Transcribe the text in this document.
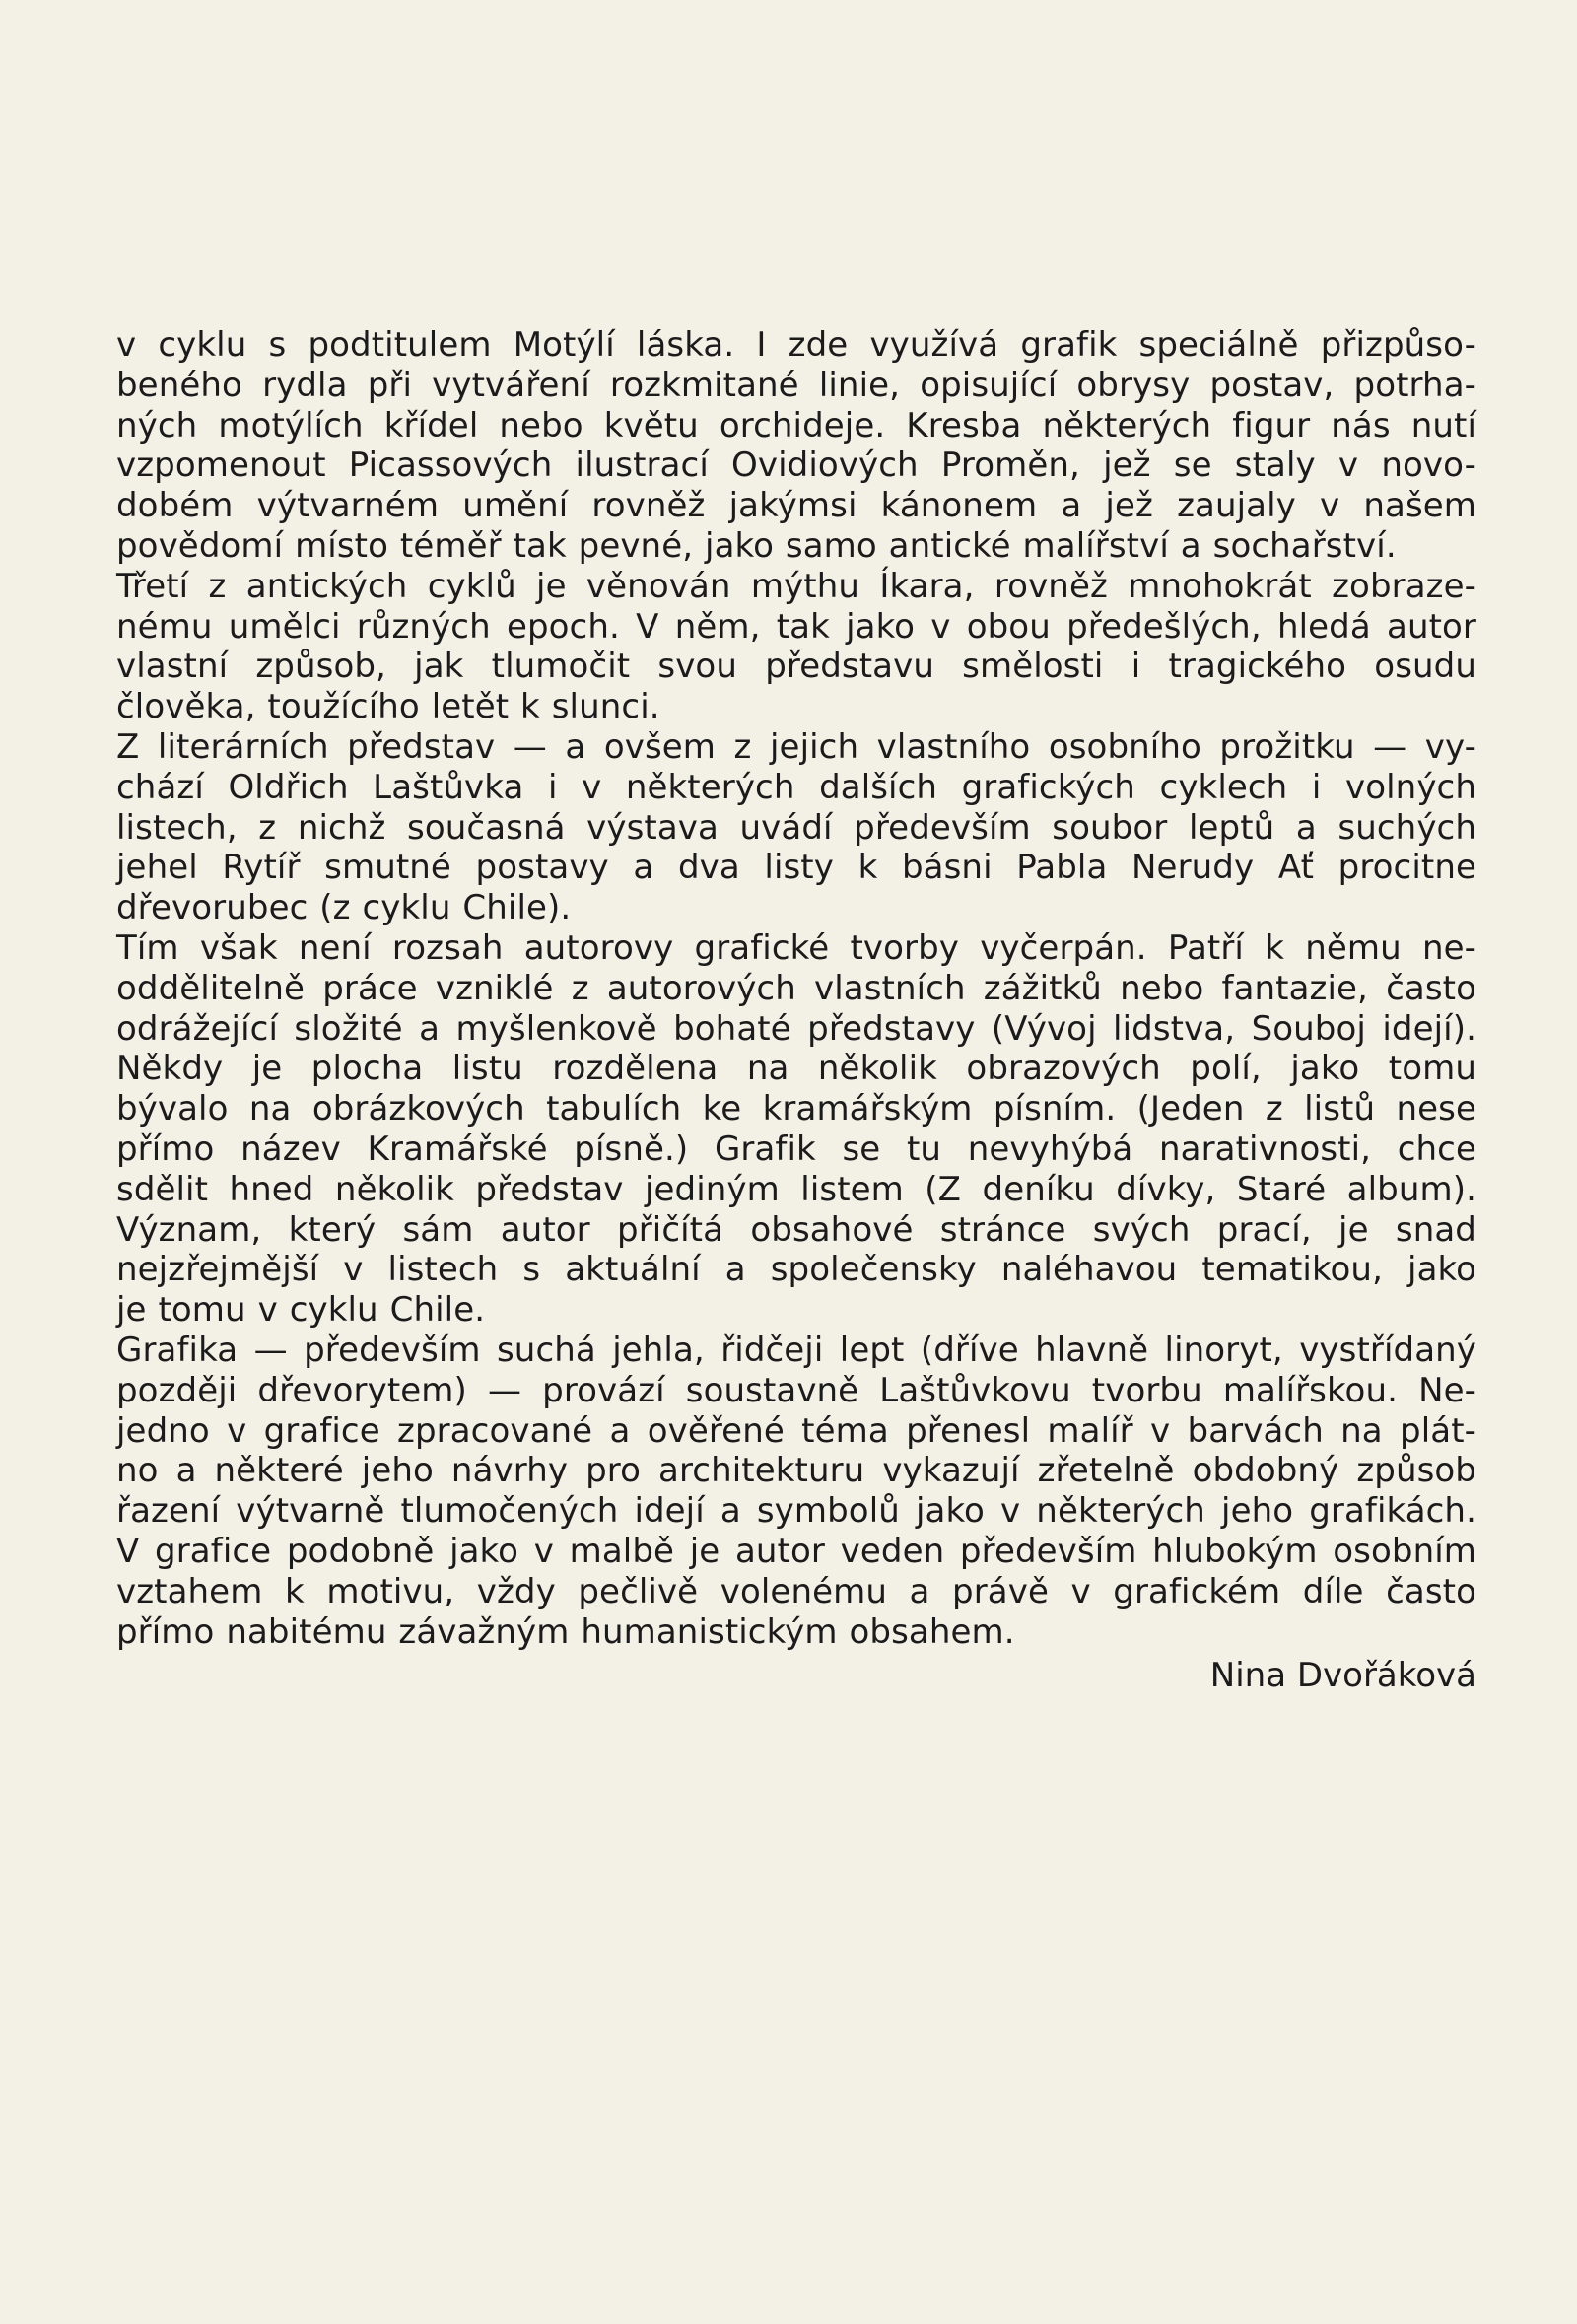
v cyklu s podtitulem Motýlí láska. I zde využívá grafik speciálně přizpůso-
beného rydla při vytváření rozkmitané linie, opisující obrysy postav, potrha-
ných motýlích křídel nebo květu orchideje. Kresba některých figur nás nutí
vzpomenout Picassových ilustrací Ovidiových Proměn, jež se staly v novo-
dobém výtvarném umění rovněž jakýmsi kánonem a jež zaujaly v našem
povědomí místo téměř tak pevné, jako samo antické malířství a sochařství.

Třetí z antických cyklů je věnován mýthu Íkara, rovněž mnohokrát zobraze-
nému umělci různých epoch. V něm, tak jako v obou předešlých, hledá autor
vlastní způsob, jak tlumočit svou představu smělosti i tragického osudu
člověka, toužícího letět k slunci.

Z literárních představ — a ovšem z jejich vlastního osobního prožitku — vy-
chází Oldřich Laštůvka i v některých dalších grafických cyklech i volných
listech, z nichž současná výstava uvádí především soubor leptů a suchých
jehel Rytíř smutné postavy a dva listy k básni Pabla Nerudy Ať procitne
dřevorubec (z cyklu Chile).

Tím však není rozsah autorovy grafické tvorby vyčerpán. Patří k němu ne-
oddělitelně práce vzniklé z autorových vlastních zážitků nebo fantazie, často
odrážející složité a myšlenkově bohaté představy (Vývoj lidstva, Souboj idejí).
Někdy je plocha listu rozdělena na několik obrazových polí, jako tomu
bývalo na obrázkových tabulích ke kramářským písním. (Jeden z listů nese
přímo název Kramářské písně.) Grafik se tu nevyhýbá narativnosti, chce
sdělit hned několik představ jediným listem (Z deníku dívky, Staré album).
Význam, který sám autor přičítá obsahové stránce svých prací, je snad
nejzřejmější v listech s aktuální a společensky naléhavou tematikou, jako
je tomu v cyklu Chile.

Grafika — především suchá jehla, řidčeji lept (dříve hlavně linoryt, vystřídaný
později dřevorytem) — provází soustavně Laštůvkovu tvorbu malířskou. Ne-
jedno v grafice zpracované a ověřené téma přenesl malíř v barvách na plát-
no a některé jeho návrhy pro architekturu vykazují zřetelně obdobný způsob
řazení výtvarně tlumočených idejí a symbolů jako v některých jeho grafikách.
V grafice podobně jako v malbě je autor veden především hlubokým osobním
vztahem k motivu, vždy pečlivě volenému a právě v grafickém díle často
přímo nabitému závažným humanistickým obsahem.

Nina Dvořáková
